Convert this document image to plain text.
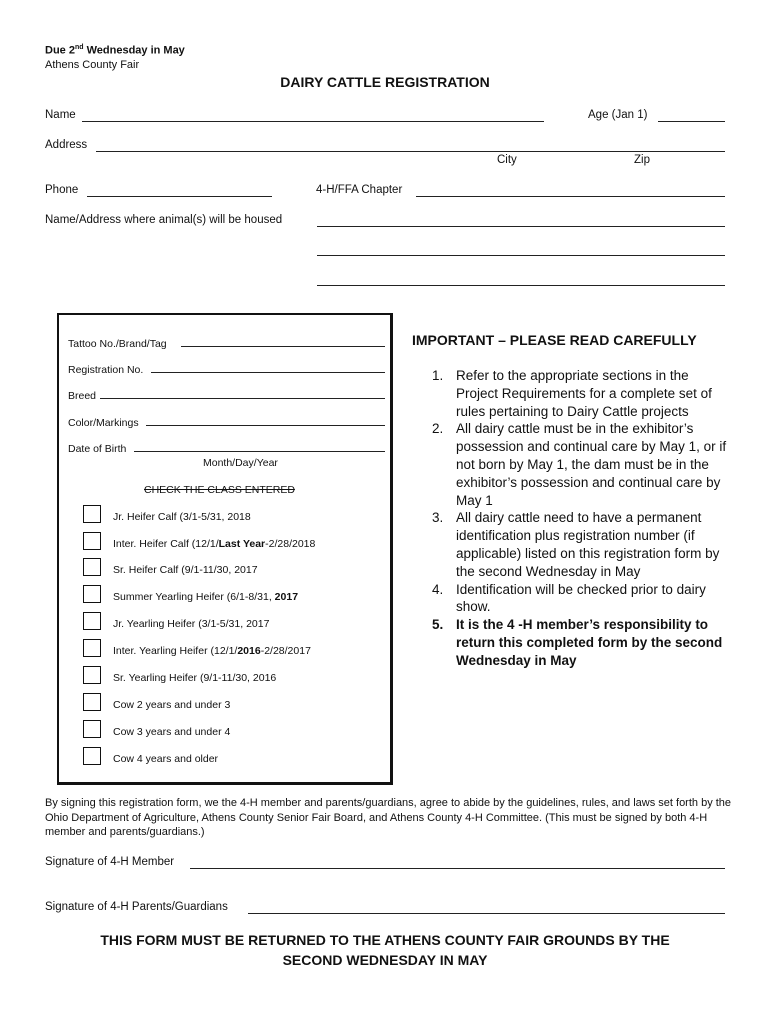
Due 2nd Wednesday in May
Athens County Fair
DAIRY CATTLE REGISTRATION
Name	Age (Jan 1)
Address
City	Zip
Phone	4-H/FFA Chapter
Name/Address where animal(s) will be housed
Tattoo No./Brand/Tag
Registration No.
Breed
Color/Markings
Date of Birth
Month/Day/Year
CHECK THE CLASS ENTERED
Jr. Heifer Calf (3/1-5/31, 2018
Inter. Heifer Calf (12/1/Last Year-2/28/2018
Sr. Heifer Calf (9/1-11/30, 2017
Summer Yearling Heifer (6/1-8/31, 2017
Jr. Yearling Heifer (3/1-5/31, 2017
Inter. Yearling Heifer (12/1/2016-2/28/2017
Sr. Yearling Heifer (9/1-11/30, 2016
Cow 2 years and under 3
Cow 3 years and under 4
Cow 4 years and older
IMPORTANT – PLEASE READ CAREFULLY
1. Refer to the appropriate sections in the Project Requirements for a complete set of rules pertaining to Dairy Cattle projects
2. All dairy cattle must be in the exhibitor’s possession and continual care by May 1, or if not born by May 1, the dam must be in the exhibitor’s possession and continual care by May 1
3. All dairy cattle need to have a permanent identification plus registration number (if applicable) listed on this registration form by the second Wednesday in May
4. Identification will be checked prior to dairy show.
5. It is the 4 -H member’s responsibility to return this completed form by the second Wednesday in May
By signing this registration form, we the 4-H member and parents/guardians, agree to abide by the guidelines, rules, and laws set forth by the Ohio Department of Agriculture, Athens County Senior Fair Board, and Athens County 4-H Committee. (This must be signed by both 4-H member and parents/guardians.)
Signature of 4-H Member
Signature of 4-H Parents/Guardians
THIS FORM MUST BE RETURNED TO THE ATHENS COUNTY FAIR GROUNDS BY THE
SECOND WEDNESDAY IN MAY
